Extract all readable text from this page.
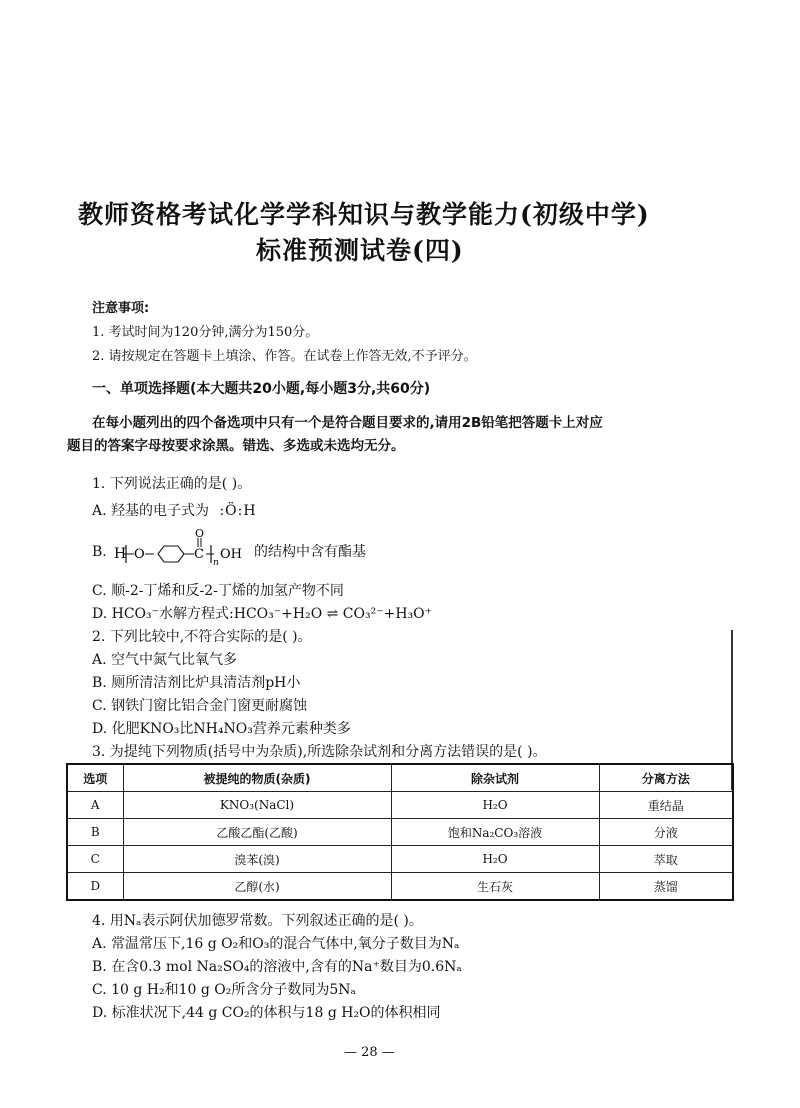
教师资格考试化学学科知识与教学能力(初级中学)
标准预测试卷(四)
注意事项:
1. 考试时间为120分钟,满分为150分。
2. 请按规定在答题卡上填涂、作答。在试卷上作答无效,不予评分。
一、单项选择题(本大题共20小题,每小题3分,共60分)
在每小题列出的四个备选项中只有一个是符合题目要求的,请用2B铅笔把答题卡上对应
题目的答案字母按要求涂黑。错选、多选或未选均无分。
1. 下列说法正确的是( )。
A. 羟基的电子式为 :Ö:H
B. H O	C
O
n
OH 的结构中含有酯基
C. 顺-2-丁烯和反-2-丁烯的加氢产物不同
D. HCO₃⁻水解方程式:HCO₃⁻+H₂O ⇌ CO₃²⁻+H₃O⁺
2. 下列比较中,不符合实际的是( )。
A. 空气中氮气比氧气多
B. 厕所清洁剂比炉具清洁剂pH小
C. 钢铁门窗比铝合金门窗更耐腐蚀
D. 化肥KNO₃比NH₄NO₃营养元素种类多
3. 为提纯下列物质(括号中为杂质),所选除杂试剂和分离方法错误的是( )。
选项	被提纯的物质(杂质)	除杂试剂	分离方法
A	KNO₃(NaCl)	H₂O	重结晶
B	乙酸乙酯(乙酸)	饱和Na₂CO₃溶液	分液
C	溴苯(溴)	H₂O	萃取
D	乙醇(水)	生石灰	蒸馏
4. 用Nₐ表示阿伏加德罗常数。下列叙述正确的是( )。
A. 常温常压下,16 g O₂和O₃的混合气体中,氧分子数目为Nₐ
B. 在含0.3 mol Na₂SO₄的溶液中,含有的Na⁺数目为0.6Nₐ
C. 10 g H₂和10 g O₂所含分子数同为5Nₐ
D. 标准状况下,44 g CO₂的体积与18 g H₂O的体积相同
— 28 —
